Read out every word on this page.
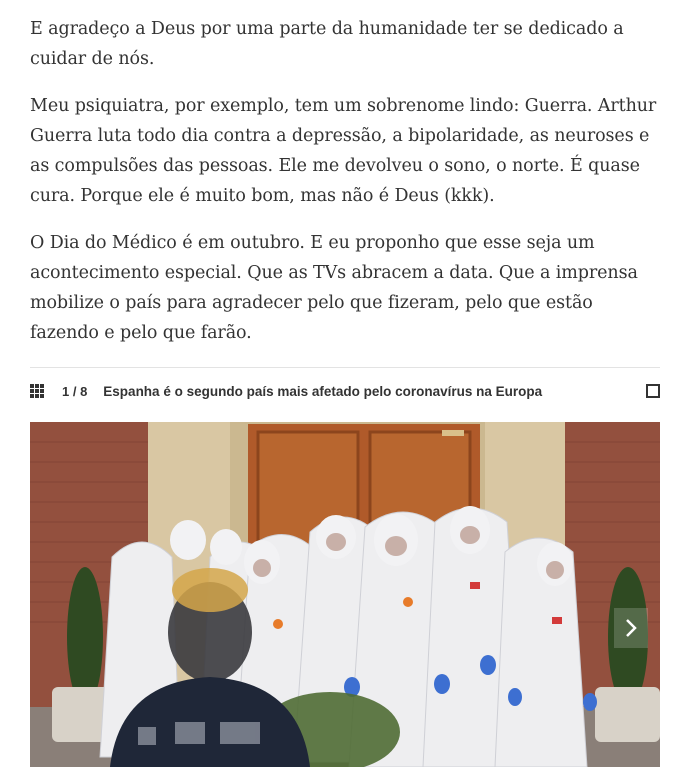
E agradeço a Deus por uma parte da humanidade ter se dedicado a cuidar de nós.

Meu psiquiatra, por exemplo, tem um sobrenome lindo: Guerra. Arthur Guerra luta todo dia contra a depressão, a bipolaridade, as neuroses e as compulsões das pessoas. Ele me devolveu o sono, o norte. É quase cura. Porque ele é muito bom, mas não é Deus (kkk).

O Dia do Médico é em outubro. E eu proponho que esse seja um acontecimento especial. Que as TVs abracem a data. Que a imprensa mobilize o país para agradecer pelo que fizeram, pelo que estão fazendo e pelo que farão.

1 / 8 Espanha é o segundo país mais afetado pelo coronavírus na Europa
